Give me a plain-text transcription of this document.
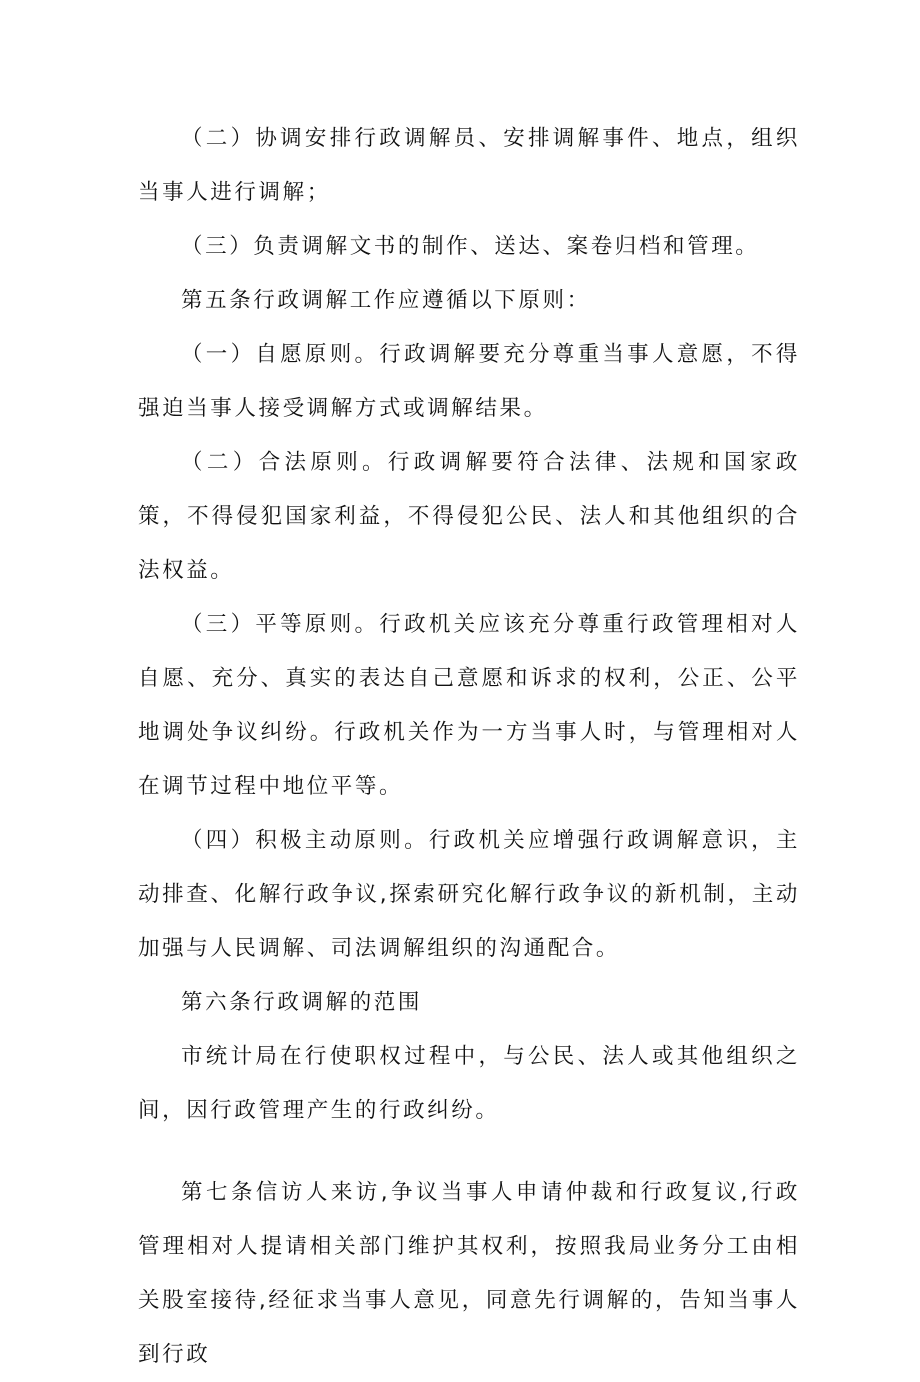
（二）协调安排行政调解员、安排调解事件、地点，组织当事人进行调解；

（三）负责调解文书的制作、送达、案卷归档和管理。

第五条行政调解工作应遵循以下原则：

（一）自愿原则。行政调解要充分尊重当事人意愿，不得强迫当事人接受调解方式或调解结果。

（二）合法原则。行政调解要符合法律、法规和国家政策，不得侵犯国家利益，不得侵犯公民、法人和其他组织的合法权益。

（三）平等原则。行政机关应该充分尊重行政管理相对人自愿、充分、真实的表达自己意愿和诉求的权利，公正、公平地调处争议纠纷。行政机关作为一方当事人时，与管理相对人在调节过程中地位平等。

（四）积极主动原则。行政机关应增强行政调解意识，主动排查、化解行政争议,探索研究化解行政争议的新机制，主动加强与人民调解、司法调解组织的沟通配合。

第六条行政调解的范围

市统计局在行使职权过程中，与公民、法人或其他组织之间，因行政管理产生的行政纠纷。

第七条信访人来访,争议当事人申请仲裁和行政复议,行政管理相对人提请相关部门维护其权利，按照我局业务分工由相关股室接待,经征求当事人意见，同意先行调解的，告知当事人到行政
